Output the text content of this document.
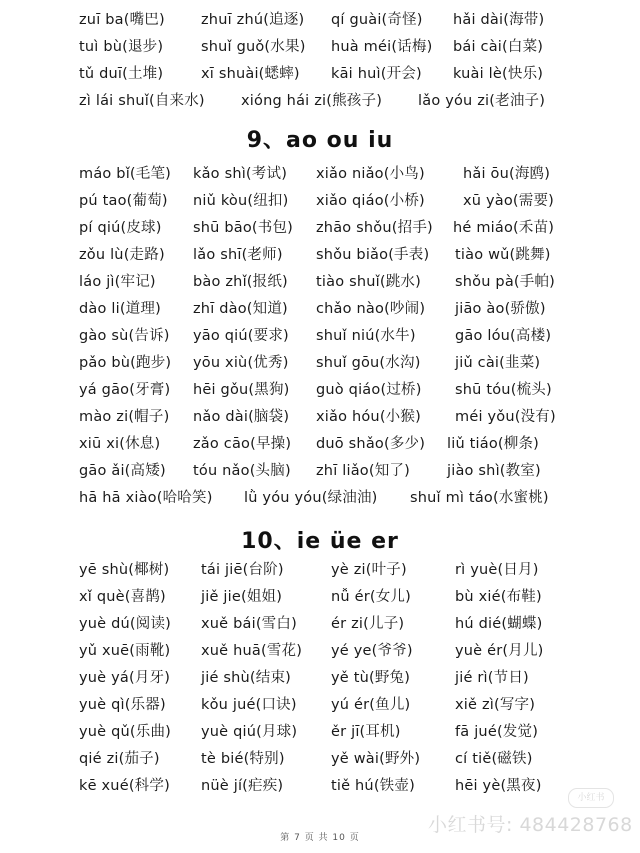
zuī ba(嘴巴) zhuī zhú(追逐) qí guài(奇怪) hǎi dài(海带)
tuì bù(退步)	shuǐ guǒ(水果) huà méi(话梅) bái cài(白菜)
tǔ duī(土堆)	xī shuài(蟋蟀) kāi huì(开会) kuài lè(快乐)
zì lái shuǐ(自来水) xióng hái zi(熊孩子) lǎo yóu zi(老油子)
9、ao ou iu
máo bǐ(毛笔) kǎo shì(考试) xiǎo niǎo(小鸟)	hǎi ōu(海鸥)
pú tao(葡萄) niǔ kòu(纽扣) xiǎo qiáo(小桥)	xū yào(需要)
pí qiú(皮球) shū bāo(书包) zhāo shǒu(招手) hé miáo(禾苗)
zǒu lù(走路) lǎo shī(老师) shǒu biǎo(手表) tiào wǔ(跳舞)
láo jì(牢记)	bào zhǐ(报纸) tiào shuǐ(跳水) shǒu pà(手帕)
dào li(道理) zhī dào(知道) chǎo nào(吵闹) jiāo ào(骄傲)
gào sù(告诉) yāo qiú(要求) shuǐ niú(水牛)	gāo lóu(高楼)
pǎo bù(跑步) yōu xiù(优秀) shuǐ gōu(水沟) jiǔ cài(韭菜)
yá gāo(牙膏) hēi gǒu(黑狗) guò qiáo(过桥) shū tóu(梳头)
mào zi(帽子) nǎo dài(脑袋) xiǎo hóu(小猴) méi yǒu(没有)
xiū xi(休息) zǎo cāo(早操) duō shǎo(多少) liǔ tiáo(柳条)
gāo ǎi(高矮) tóu nǎo(头脑) zhī liǎo(知了)	jiào shì(教室)
hā hā xiào(哈哈笑) lǜ yóu yóu(绿油油) shuǐ mì táo(水蜜桃)
10、ie üe er
yē shù(椰树) tái jiē(台阶)	yè zi(叶子)	rì yuè(日月)
xǐ què(喜鹊) jiě jie(姐姐)	nǚ ér(女儿)	bù xié(布鞋)
yuè dú(阅读) xuě bái(雪白) ér zi(儿子)	hú dié(蝴蝶)
yǔ xuē(雨靴) xuě huā(雪花) yé ye(爷爷)	yuè ér(月儿)
yuè yá(月牙) jié shù(结束)	yě tù(野兔)	jié rì(节日)
yuè qì(乐器) kǒu jué(口诀) yú ér(鱼儿)	xiě zì(写字)
yuè qǔ(乐曲) yuè qiú(月球) ěr jī(耳机)	fā jué(发觉)
qié zi(茄子)	tè bié(特别)	yě wài(野外) cí tiě(磁铁)
kē xué(科学) nüè jí(疟疾)	tiě hú(铁壶)	hēi yè(黑夜)
小红书
小红书号: 484428768
第 7 页 共 10 页
